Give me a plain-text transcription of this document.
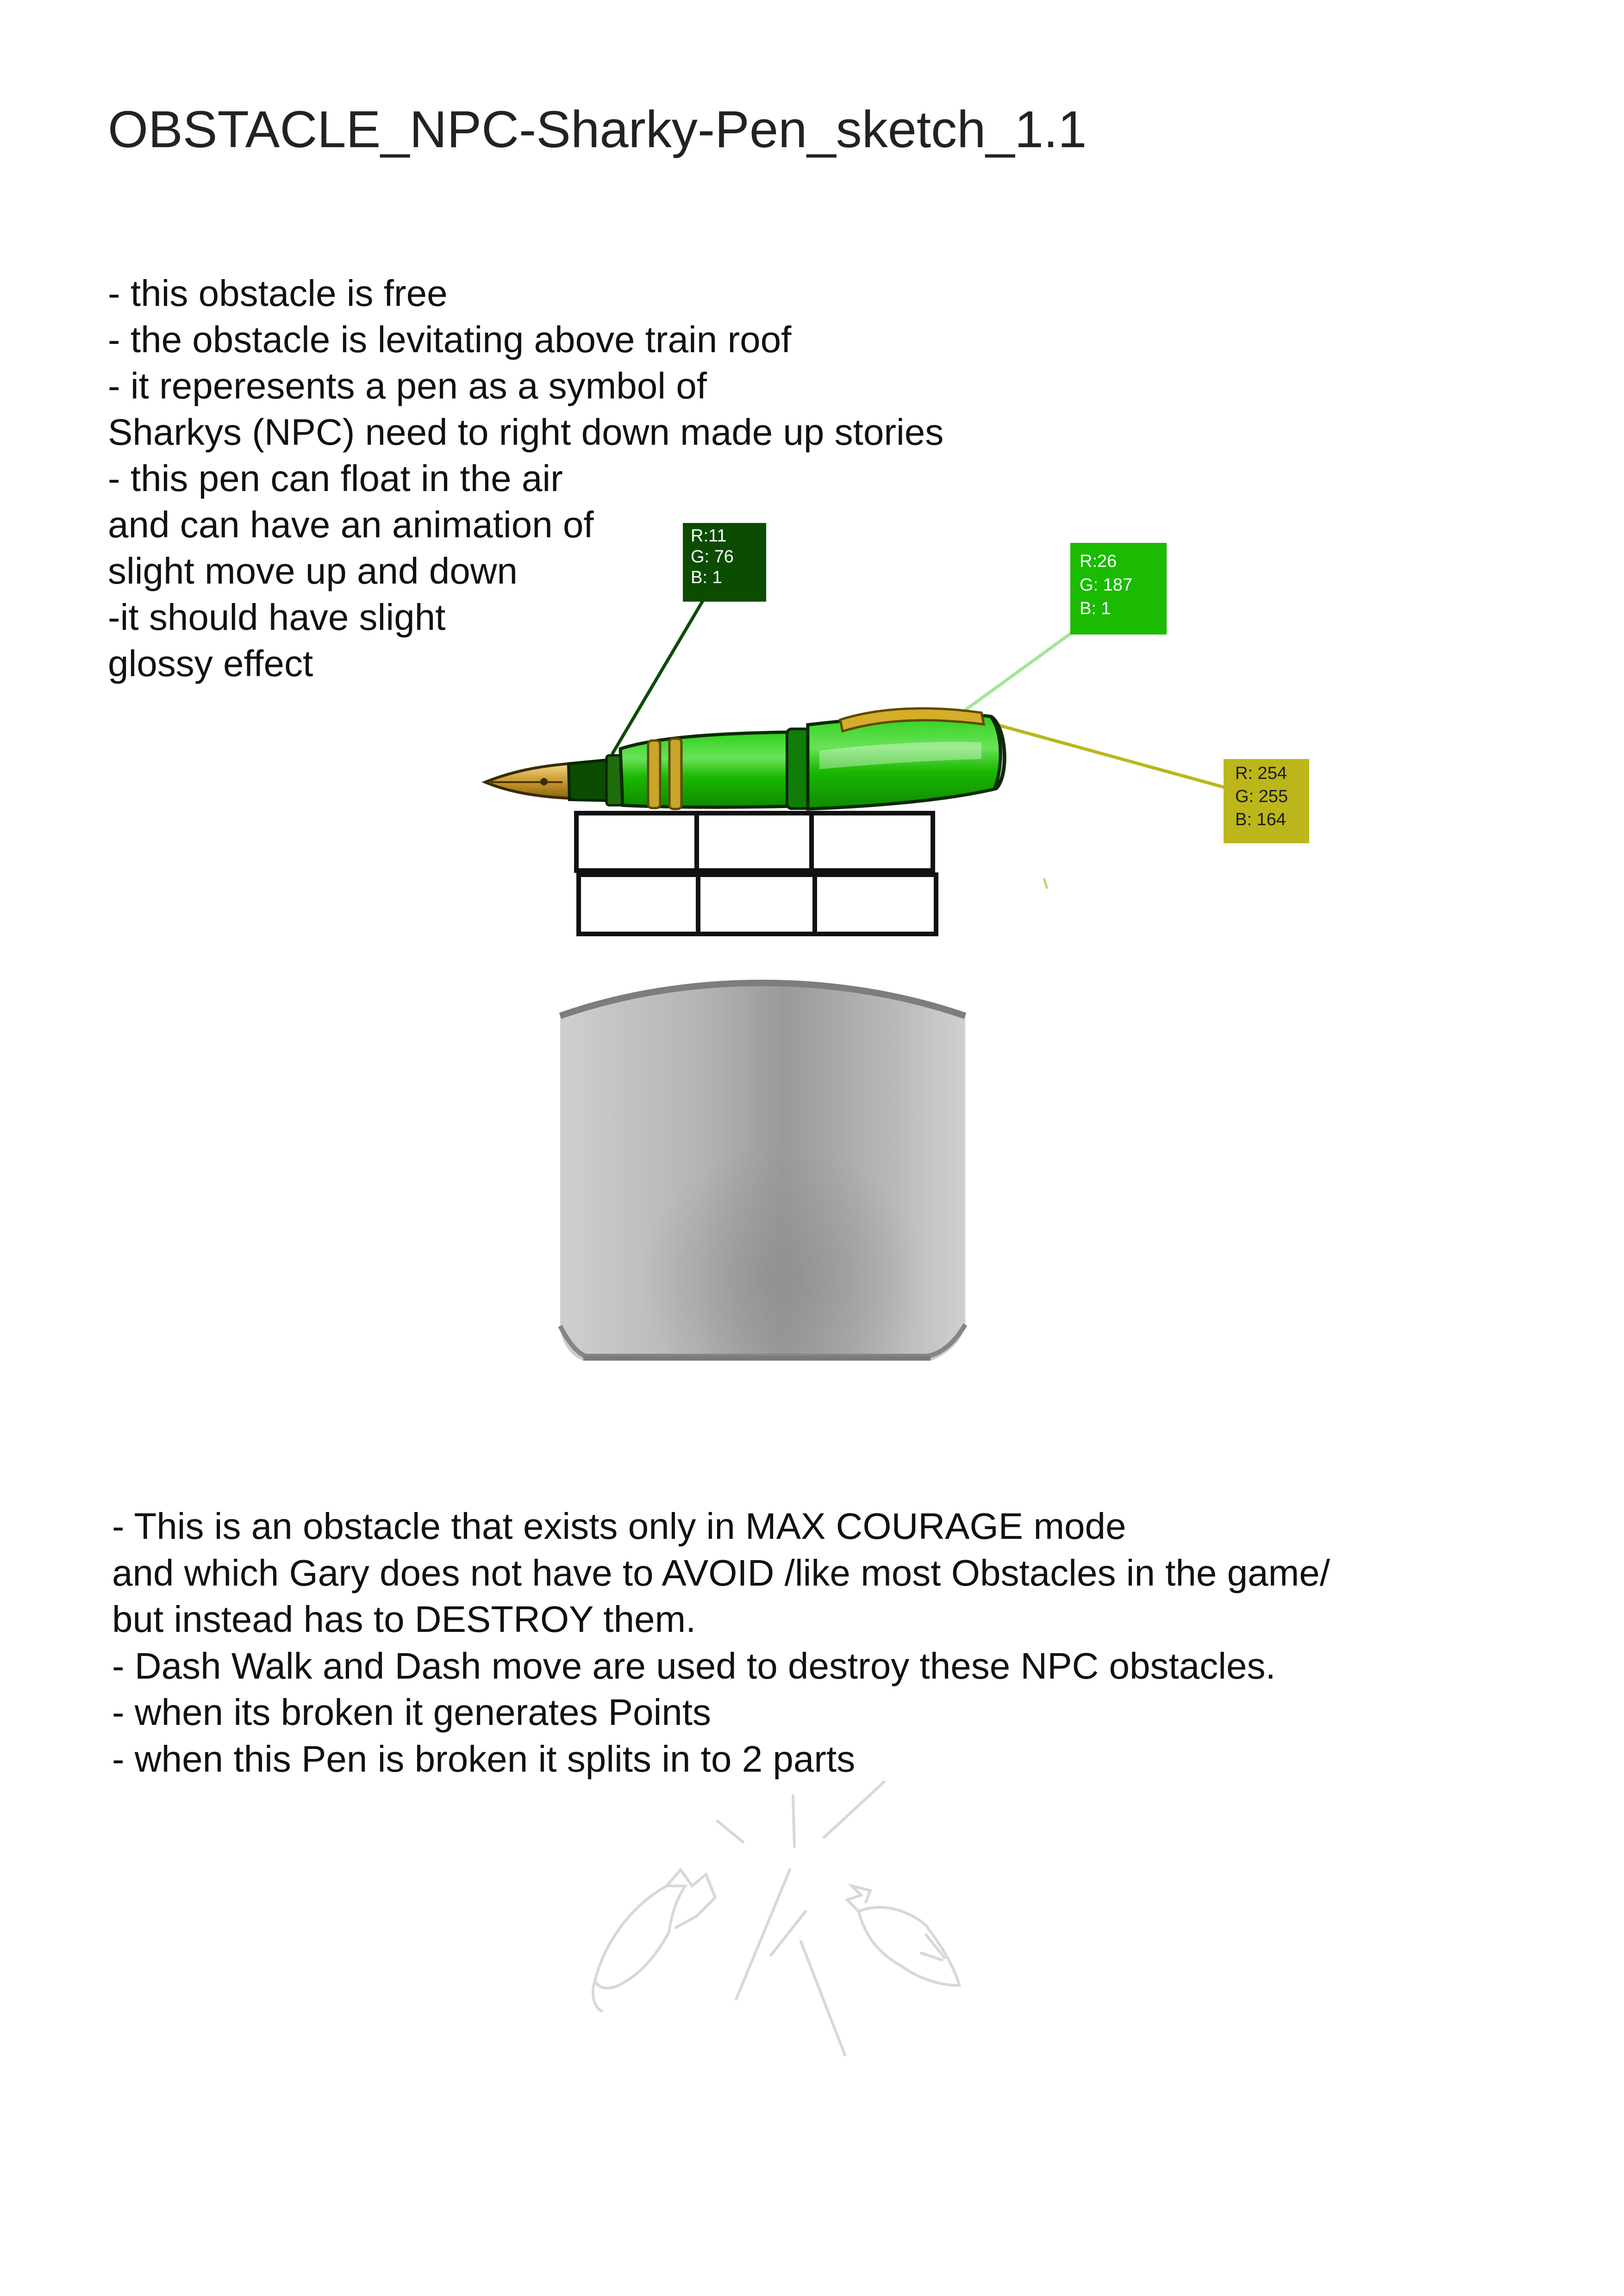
OBSTACLE_NPC-Sharky-Pen_sketch_1.1
- this obstacle is free
- the obstacle is levitating above train roof
- it reperesents a pen as a symbol of
Sharkys (NPC) need to right down made up stories
- this pen can float in the air
and can have an animation of
slight move up and down
-it should have slight
glossy effect
R:11
G: 76
B: 1
R:26
G: 187
B: 1
R: 254
G: 255
B: 164
- This is an obstacle that exists only in MAX COURAGE mode
and which Gary does not have to AVOID /like most Obstacles in the game/
but instead has to DESTROY them.
- Dash Walk and Dash move are used to destroy these NPC obstacles.
- when its broken it generates Points
- when this Pen is broken it splits in to 2 parts
